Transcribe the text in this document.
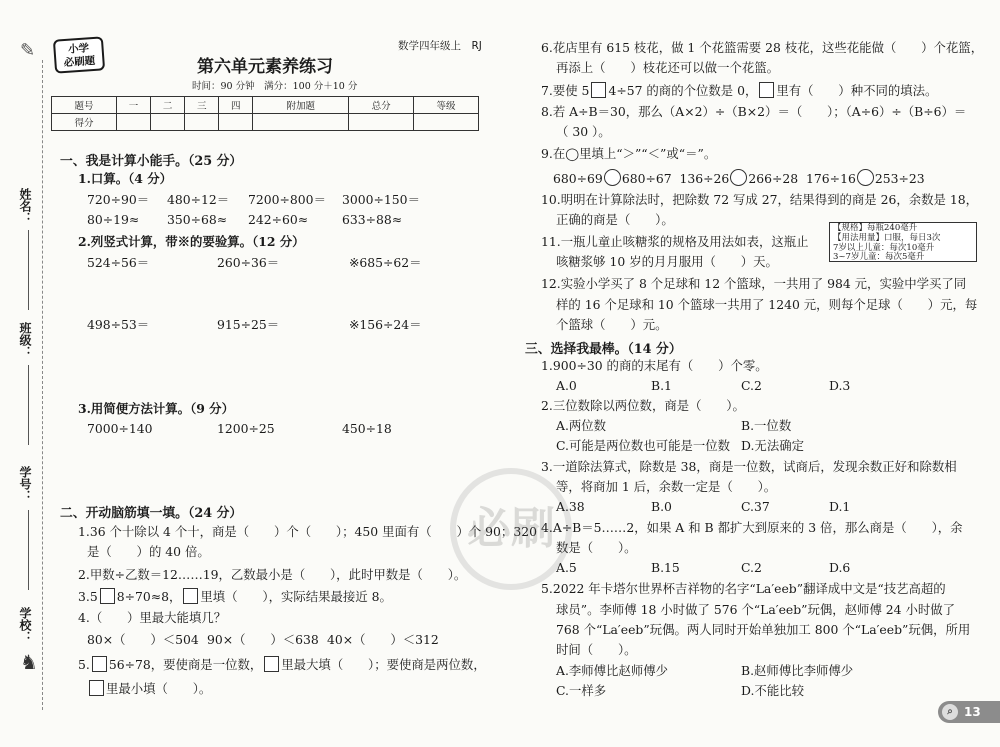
✎
姓名：
班级：
学号：
学校：
♞
小学
必刷题
数学四年级上　RJ
第六单元素养练习
时间：90 分钟　满分：100 分＋10 分
题号	一	二	三	四	附加题	总分	等级
得分							
一、我是计算小能手。（25 分）
1.口算。（4 分）
720÷90＝ 480÷12＝ 7200÷800＝ 3000÷150＝
80÷19≈ 350÷68≈ 242÷60≈	633÷88≈
2.列竖式计算，带※的要验算。（12 分）
524÷56＝	260÷36＝	※685÷62＝
498÷53＝	915÷25＝	※156÷24＝
3.用简便方法计算。（9 分）
7000÷140	1200÷25	450÷18
二、开动脑筋填一填。（24 分）
1.36 个十除以 4 个十，商是（　　）个（　　）；450 里面有（　　）个 90；320
是（　　）的 40 倍。
2.甲数÷乙数＝12……19，乙数最小是（　　），此时甲数是（　　）。
3.5 8÷70≈8， 里填（　　），实际结果最接近 8。
4.（　　）里最大能填几？
80×（　　）＜504 90×（　　）＜638 40×（　　）＜312
5. 56÷78，要使商是一位数， 里最大填（　　）；要使商是两位数，
里最小填（　　）。
必刷
6.花店里有 615 枝花，做 1 个花篮需要 28 枝花，这些花能做（　　）个花篮，
再添上（　　）枝花还可以做一个花篮。
7.要使 5 4÷57 的商的个位数是 0， 里有（　　）种不同的填法。
8.若 A÷B＝30，那么（A×2）÷（B×2）＝（　　）；（A÷6）÷（B÷6）＝
（ 30 ）。
9.在◯里填上“＞”“＜”或“＝”。
680÷69 680÷67 136÷26 266÷28 176÷16 253÷23
10.明明在计算除法时，把除数 72 写成 27，结果得到的商是 26，余数是 18，
正确的商是（　　）。
11.一瓶儿童止咳糖浆的规格及用法如表，这瓶止
咳糖浆够 10 岁的月月服用（　　）天。
【规格】每瓶240毫升
【用法用量】口服，每日3次
7岁以上儿童：每次10毫升
3~7岁儿童：每次5毫升
12.实验小学买了 8 个足球和 12 个篮球，一共用了 984 元，实验中学买了同
样的 16 个足球和 10 个篮球一共用了 1240 元，则每个足球（　　）元，每
个篮球（　　）元。
三、选择我最棒。（14 分）
1.900÷30 的商的末尾有（　　）个零。
A.0	B.1	C.2	D.3
2.三位数除以两位数，商是（　　）。
A.两位数	B.一位数
C.可能是两位数也可能是一位数 D.无法确定
3.一道除法算式，除数是 38，商是一位数，试商后，发现余数正好和除数相
等，将商加 1 后，余数一定是（　　）。
A.38	B.0	C.37	D.1
4.A÷B＝5……2，如果 A 和 B 都扩大到原来的 3 倍，那么商是（　　），余
数是（　　）。
A.5	B.15	C.2	D.6
5.2022 年卡塔尔世界杯吉祥物的名字“La′eeb”翻译成中文是“技艺高超的
球员”。李师傅 18 小时做了 576 个“La′eeb”玩偶，赵师傅 24 小时做了
768 个“La′eeb”玩偶。两人同时开始单独加工 800 个“La′eeb”玩偶，所用
时间（　　）。
A.李师傅比赵师傅少	B.赵师傅比李师傅少
C.一样多	D.不能比较
⌕ 13
